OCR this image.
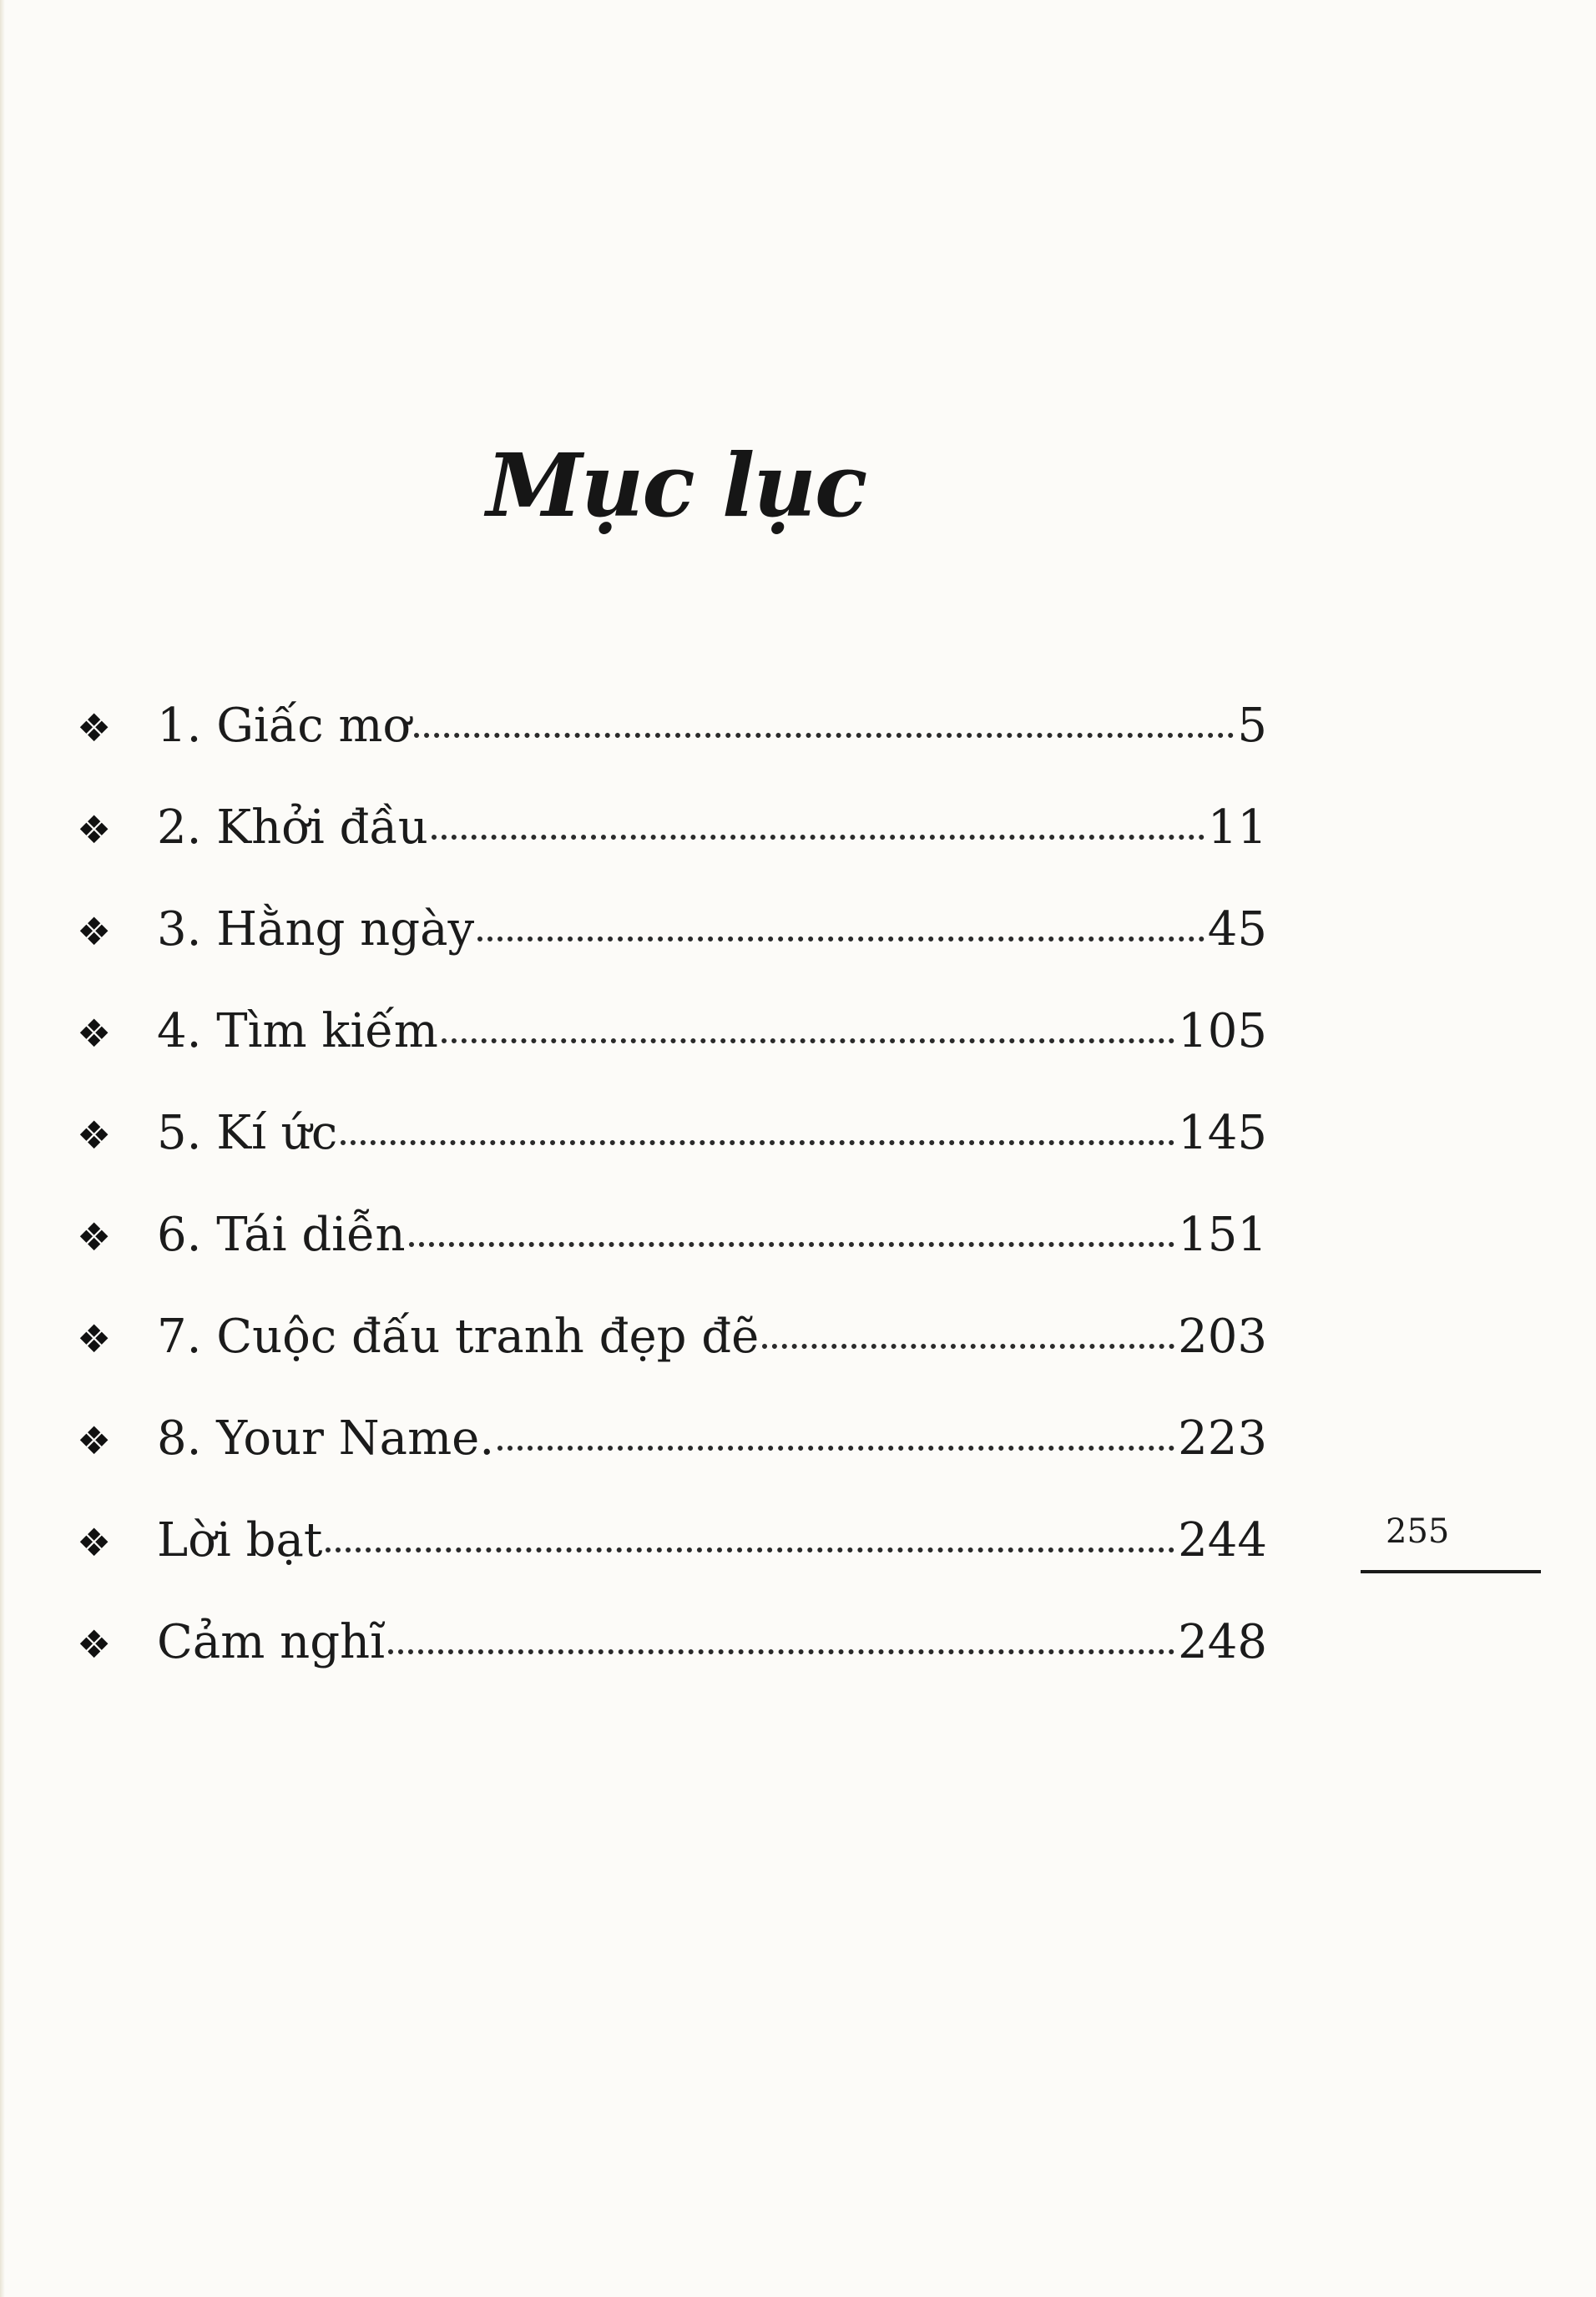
Mục lục
❖ 1. Giấc mơ	5
❖ 2. Khởi đầu	11
❖ 3. Hằng ngày	45
❖ 4. Tìm kiếm	105
❖ 5. Kí ức	145
❖ 6. Tái diễn	151
❖ 7. Cuộc đấu tranh đẹp đẽ	203
❖ 8. Your Name.	223
❖ Lời bạt	244
❖ Cảm nghĩ	248
255
